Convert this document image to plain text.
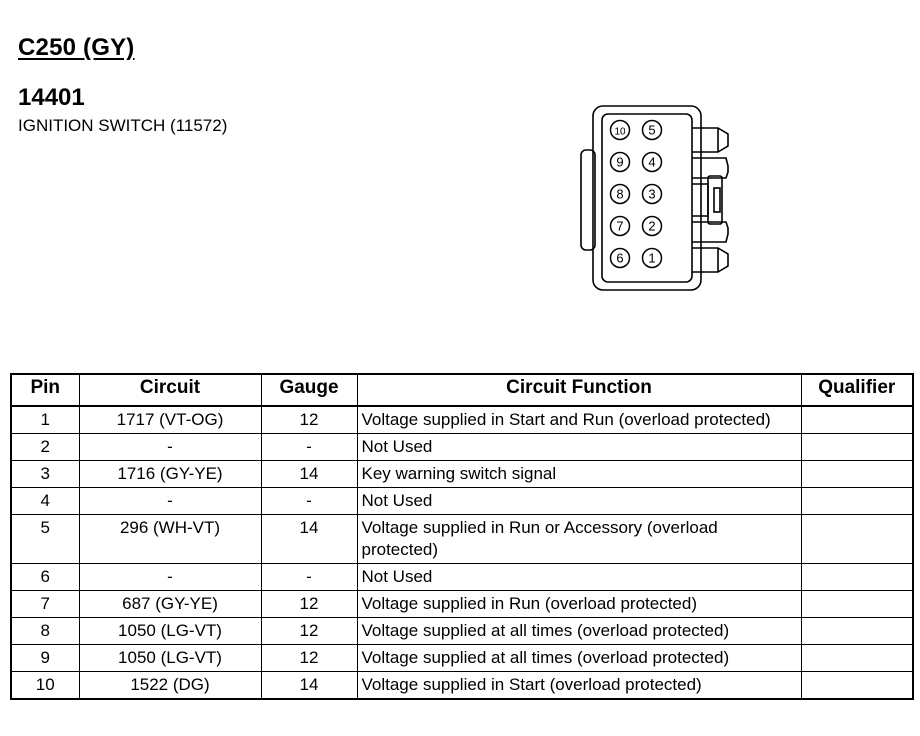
C250 (GY)
14401
IGNITION SWITCH (11572)	10
9
8
7
6
5
4
3
2
1
Pin	Circuit	Gauge	Circuit Function	Qualifier
1	1717 (VT-OG)	12	Voltage supplied in Start and Run (overload protected)	
2	-	-	Not Used	
3	1716 (GY-YE)	14	Key warning switch signal	
4	-	-	Not Used	
5	296 (WH-VT)	14	Voltage supplied in Run or Accessory (overload protected)	
6	-	-	Not Used	
7	687 (GY-YE)	12	Voltage supplied in Run (overload protected)	
8	1050 (LG-VT)	12	Voltage supplied at all times (overload protected)	
9	1050 (LG-VT)	12	Voltage supplied at all times (overload protected)	
10	1522 (DG)	14	Voltage supplied in Start (overload protected)	
